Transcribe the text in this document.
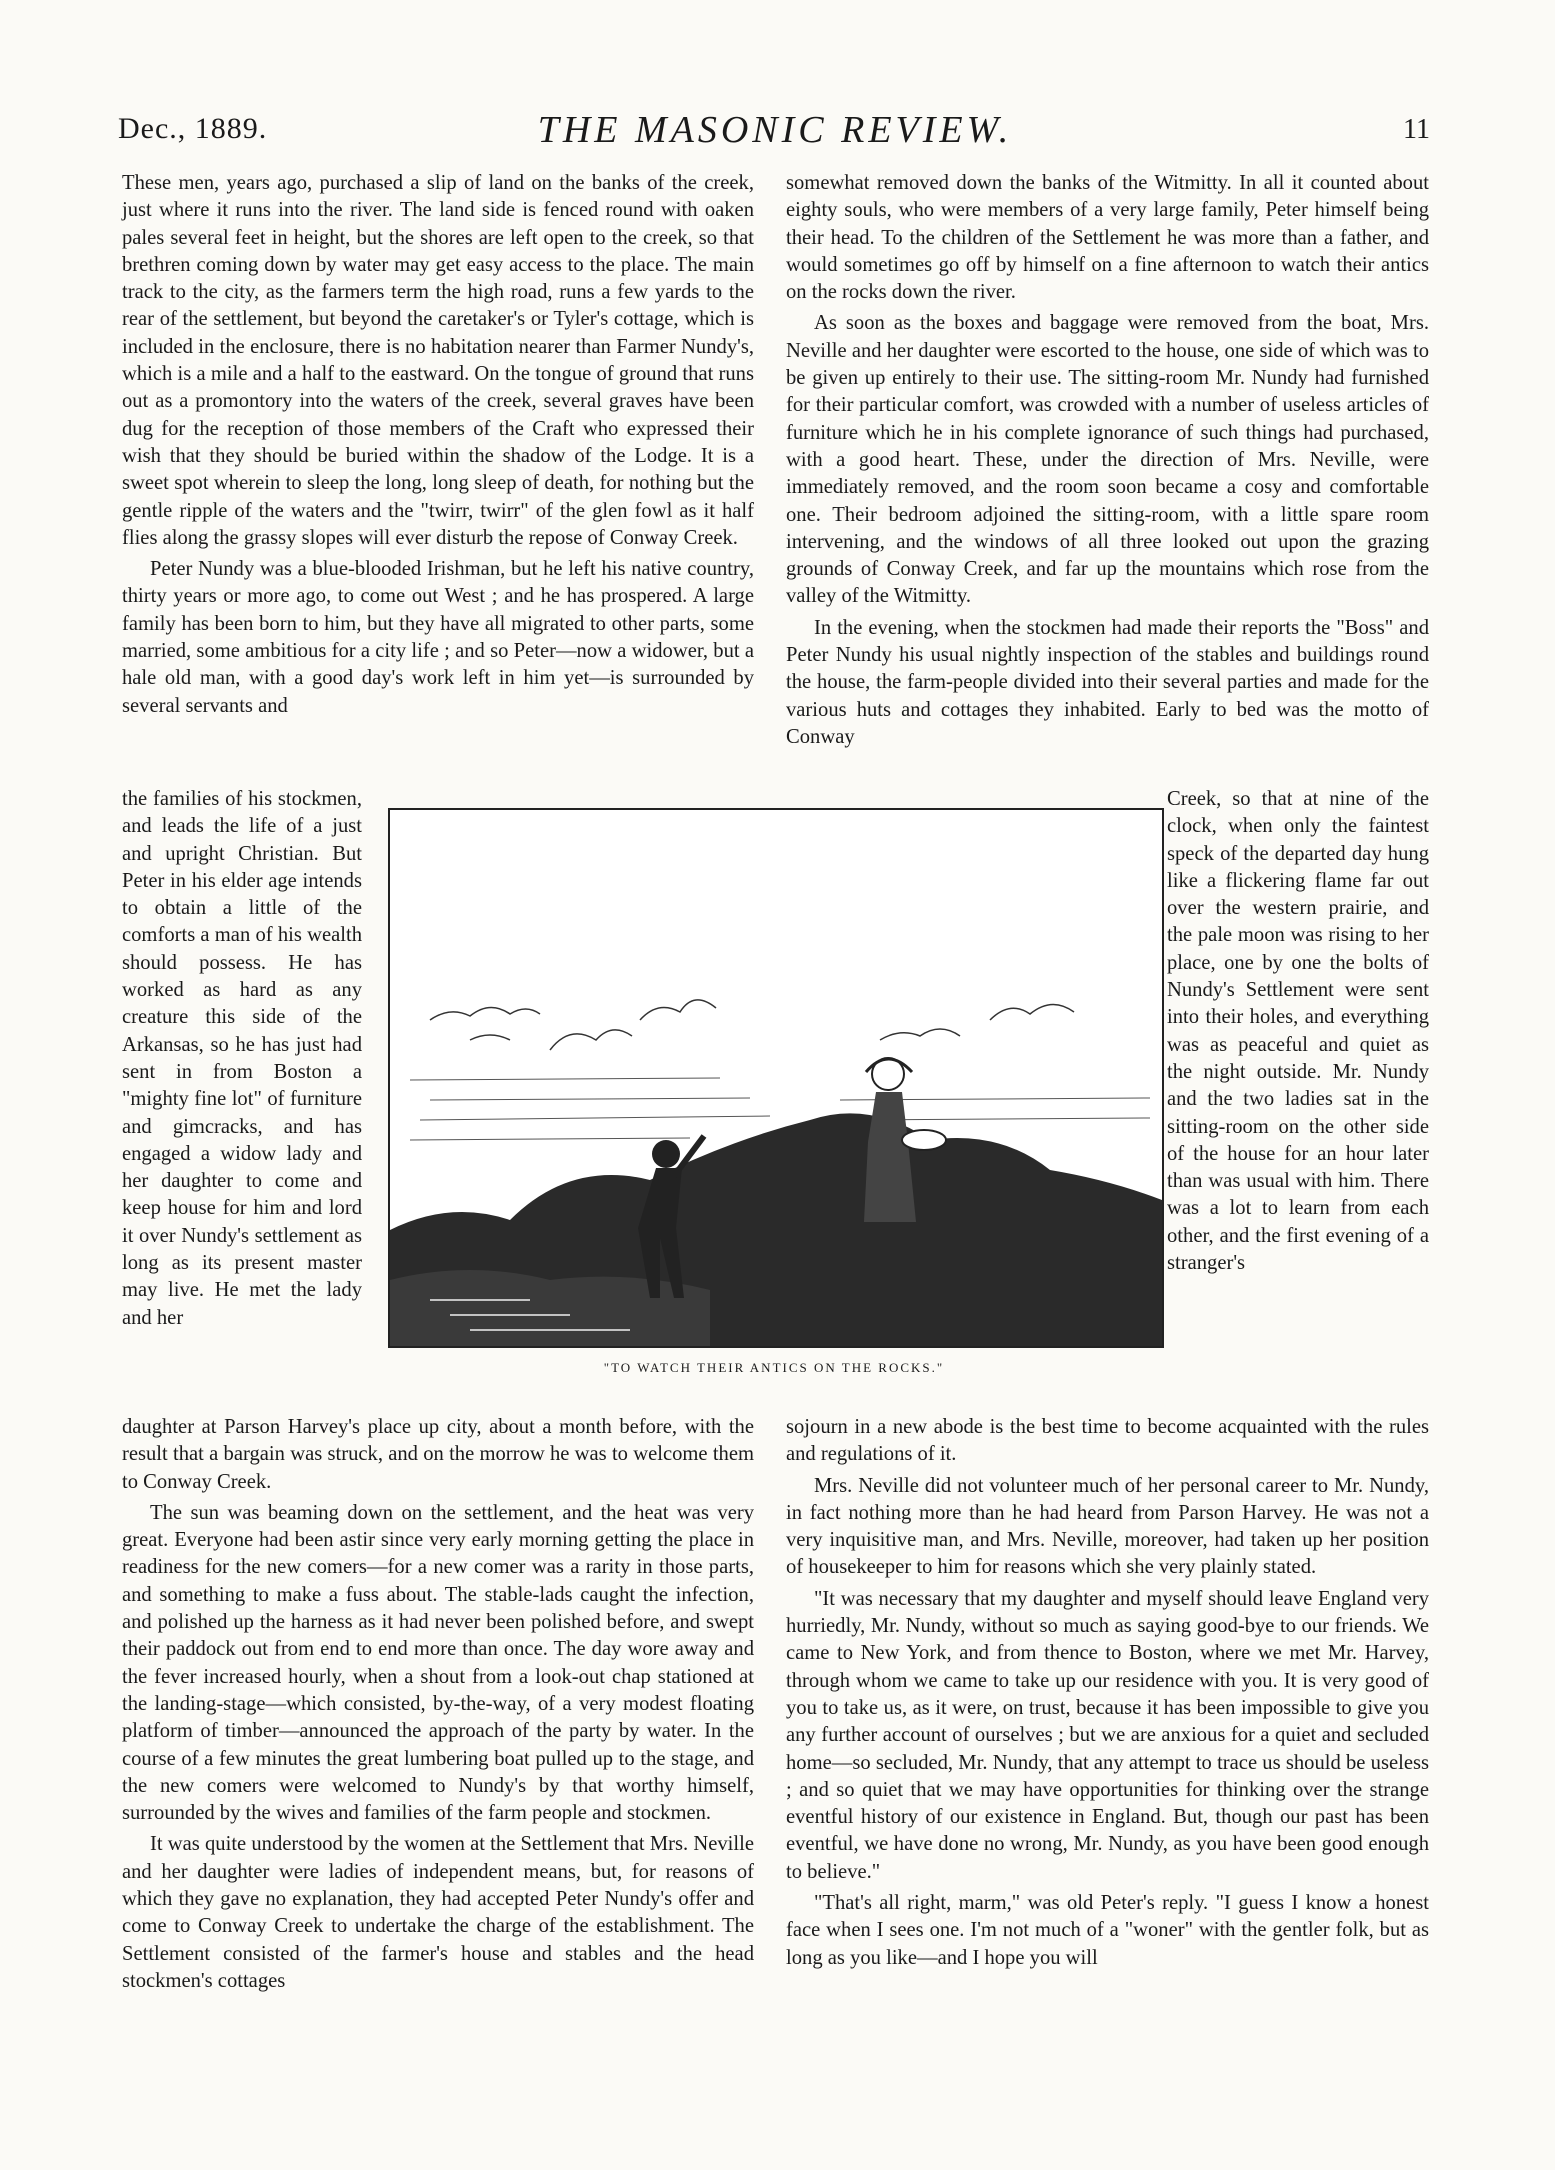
Dec., 1889.	THE MASONIC REVIEW.	11

These men, years ago, purchased a slip of land on the banks of the creek, just where it runs into the river. The land side is fenced round with oaken pales several feet in height, but the shores are left open to the creek, so that brethren coming down by water may get easy access to the place. The main track to the city, as the farmers term the high road, runs a few yards to the rear of the settlement, but beyond the caretaker's or Tyler's cottage, which is included in the enclosure, there is no habitation nearer than Farmer Nundy's, which is a mile and a half to the eastward. On the tongue of ground that runs out as a promontory into the waters of the creek, several graves have been dug for the reception of those members of the Craft who expressed their wish that they should be buried within the shadow of the Lodge. It is a sweet spot wherein to sleep the long, long sleep of death, for nothing but the gentle ripple of the waters and the "twirr, twirr" of the glen fowl as it half flies along the grassy slopes will ever disturb the repose of Conway Creek.

Peter Nundy was a blue-blooded Irishman, but he left his native country, thirty years or more ago, to come out West ; and he has prospered. A large family has been born to him, but they have all migrated to other parts, some married, some ambitious for a city life ; and so Peter—now a widower, but a hale old man, with a good day's work left in him yet—is surrounded by several servants and

the families of his stockmen, and leads the life of a just and upright Christian. But Peter in his elder age intends to obtain a little of the comforts a man of his wealth should possess. He has worked as hard as any creature this side of the Arkansas, so he has just had sent in from Boston a "mighty fine lot" of furniture and gimcracks, and has engaged a widow lady and her daughter to come and keep house for him and lord it over Nundy's settlement as long as its present master may live. He met the lady and her
"TO WATCH THEIR ANTICS ON THE ROCKS."
Creek, so that at nine of the clock, when only the faintest speck of the departed day hung like a flickering flame far out over the western prairie, and the pale moon was rising to her place, one by one the bolts of Nundy's Settlement were sent into their holes, and everything was as peaceful and quiet as the night outside. Mr. Nundy and the two ladies sat in the sitting-room on the other side of the house for an hour later than was usual with him. There was a lot to learn from each other, and the first evening of a stranger's

daughter at Parson Harvey's place up city, about a month before, with the result that a bargain was struck, and on the morrow he was to welcome them to Conway Creek.

The sun was beaming down on the settlement, and the heat was very great. Everyone had been astir since very early morning getting the place in readiness for the new comers—for a new comer was a rarity in those parts, and something to make a fuss about. The stable-lads caught the infection, and polished up the harness as it had never been polished before, and swept their paddock out from end to end more than once. The day wore away and the fever increased hourly, when a shout from a look-out chap stationed at the landing-stage—which consisted, by-the-way, of a very modest floating platform of timber—announced the approach of the party by water. In the course of a few minutes the great lumbering boat pulled up to the stage, and the new comers were welcomed to Nundy's by that worthy himself, surrounded by the wives and families of the farm people and stockmen.

It was quite understood by the women at the Settlement that Mrs. Neville and her daughter were ladies of independent means, but, for reasons of which they gave no explanation, they had accepted Peter Nundy's offer and come to Conway Creek to undertake the charge of the establishment. The Settlement consisted of the farmer's house and stables and the head stockmen's cottages

somewhat removed down the banks of the Witmitty. In all it counted about eighty souls, who were members of a very large family, Peter himself being their head. To the children of the Settlement he was more than a father, and would sometimes go off by himself on a fine afternoon to watch their antics on the rocks down the river.

As soon as the boxes and baggage were removed from the boat, Mrs. Neville and her daughter were escorted to the house, one side of which was to be given up entirely to their use. The sitting-room Mr. Nundy had furnished for their particular comfort, was crowded with a number of useless articles of furniture which he in his complete ignorance of such things had purchased, with a good heart. These, under the direction of Mrs. Neville, were immediately removed, and the room soon became a cosy and comfortable one. Their bedroom adjoined the sitting-room, with a little spare room intervening, and the windows of all three looked out upon the grazing grounds of Conway Creek, and far up the mountains which rose from the valley of the Witmitty.

In the evening, when the stockmen had made their reports the "Boss" and Peter Nundy his usual nightly inspection of the stables and buildings round the house, the farm-people divided into their several parties and made for the various huts and cottages they inhabited. Early to bed was the motto of Conway

sojourn in a new abode is the best time to become acquainted with the rules and regulations of it.

Mrs. Neville did not volunteer much of her personal career to Mr. Nundy, in fact nothing more than he had heard from Parson Harvey. He was not a very inquisitive man, and Mrs. Neville, moreover, had taken up her position of housekeeper to him for reasons which she very plainly stated.

"It was necessary that my daughter and myself should leave England very hurriedly, Mr. Nundy, without so much as saying good-bye to our friends. We came to New York, and from thence to Boston, where we met Mr. Harvey, through whom we came to take up our residence with you. It is very good of you to take us, as it were, on trust, because it has been impossible to give you any further account of ourselves ; but we are anxious for a quiet and secluded home—so secluded, Mr. Nundy, that any attempt to trace us should be useless ; and so quiet that we may have opportunities for thinking over the strange eventful history of our existence in England. But, though our past has been eventful, we have done no wrong, Mr. Nundy, as you have been good enough to believe."

"That's all right, marm," was old Peter's reply. "I guess I know a honest face when I sees one. I'm not much of a "woner" with the gentler folk, but as long as you like—and I hope you will
